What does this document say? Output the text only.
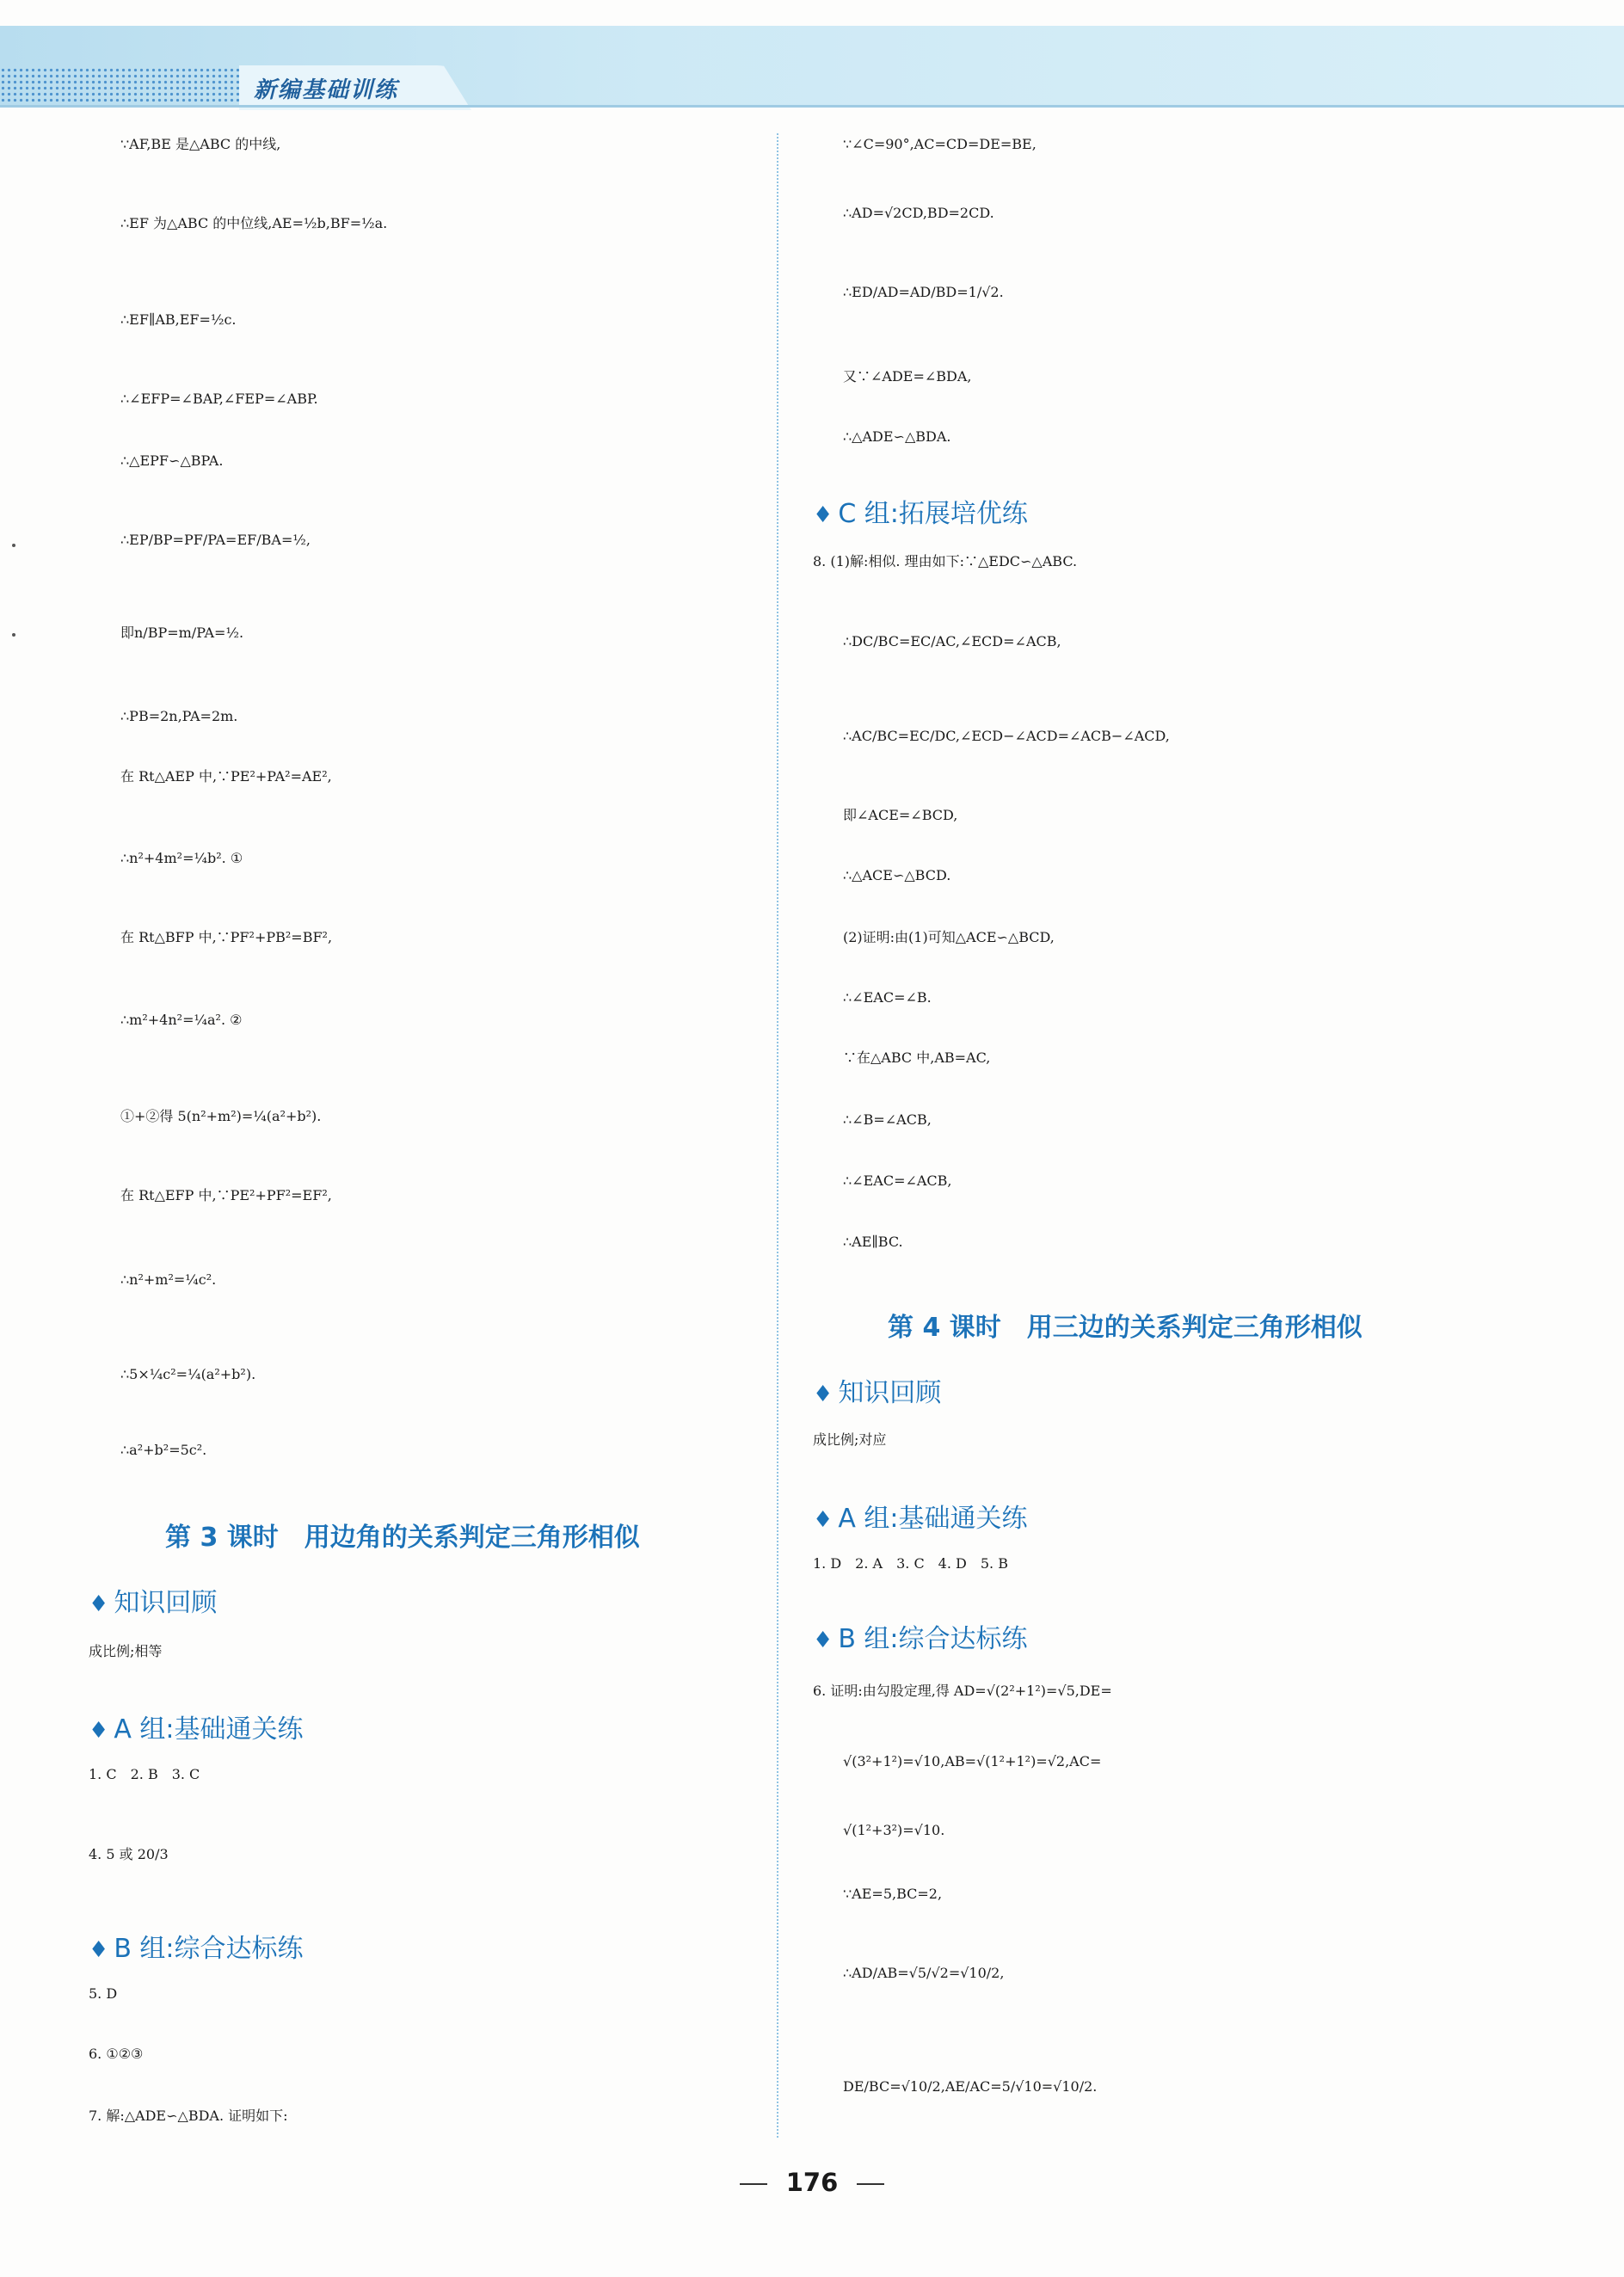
新编基础训练
∵AF,BE 是△ABC 的中线,
∴EF 为△ABC 的中位线,AE=½b,BF=½a.
∴EF∥AB,EF=½c.
∴∠EFP=∠BAP,∠FEP=∠ABP.
∴△EPF∽△BPA.
∴EP/BP=PF/PA=EF/BA=½,
即n/BP=m/PA=½.
∴PB=2n,PA=2m.
在 Rt△AEP 中,∵PE²+PA²=AE²,
∴n²+4m²=¼b². ①
在 Rt△BFP 中,∵PF²+PB²=BF²,
∴m²+4n²=¼a². ②
①+②得 5(n²+m²)=¼(a²+b²).
在 Rt△EFP 中,∵PE²+PF²=EF²,
∴n²+m²=¼c².
∴5×¼c²=¼(a²+b²).
∴a²+b²=5c².
第 3 课时　用边角的关系判定三角形相似
♦ 知识回顾
成比例;相等
♦ A 组:基础通关练
1. C　2. B　3. C
4. 5 或 20/3
♦ B 组:综合达标练
5. D
6. ①②③
7. 解:△ADE∽△BDA. 证明如下:
∵∠C=90°,AC=CD=DE=BE,
∴AD=√2CD,BD=2CD.
∴ED/AD=AD/BD=1/√2.
又∵∠ADE=∠BDA,
∴△ADE∽△BDA.
♦ C 组:拓展培优练
8. (1)解:相似. 理由如下:∵△EDC∽△ABC.
∴DC/BC=EC/AC,∠ECD=∠ACB,
∴AC/BC=EC/DC,∠ECD−∠ACD=∠ACB−∠ACD,
即∠ACE=∠BCD,
∴△ACE∽△BCD.
(2)证明:由(1)可知△ACE∽△BCD,
∴∠EAC=∠B.
∵在△ABC 中,AB=AC,
∴∠B=∠ACB,
∴∠EAC=∠ACB,
∴AE∥BC.
第 4 课时　用三边的关系判定三角形相似
♦ 知识回顾
成比例;对应
♦ A 组:基础通关练
1. D　2. A　3. C　4. D　5. B
♦ B 组:综合达标练
6. 证明:由勾股定理,得 AD=√(2²+1²)=√5,DE=
√(3²+1²)=√10,AB=√(1²+1²)=√2,AC=
√(1²+3²)=√10.
∵AE=5,BC=2,
∴AD/AB=√5/√2=√10/2,
DE/BC=√10/2,AE/AC=5/√10=√10/2.
176
